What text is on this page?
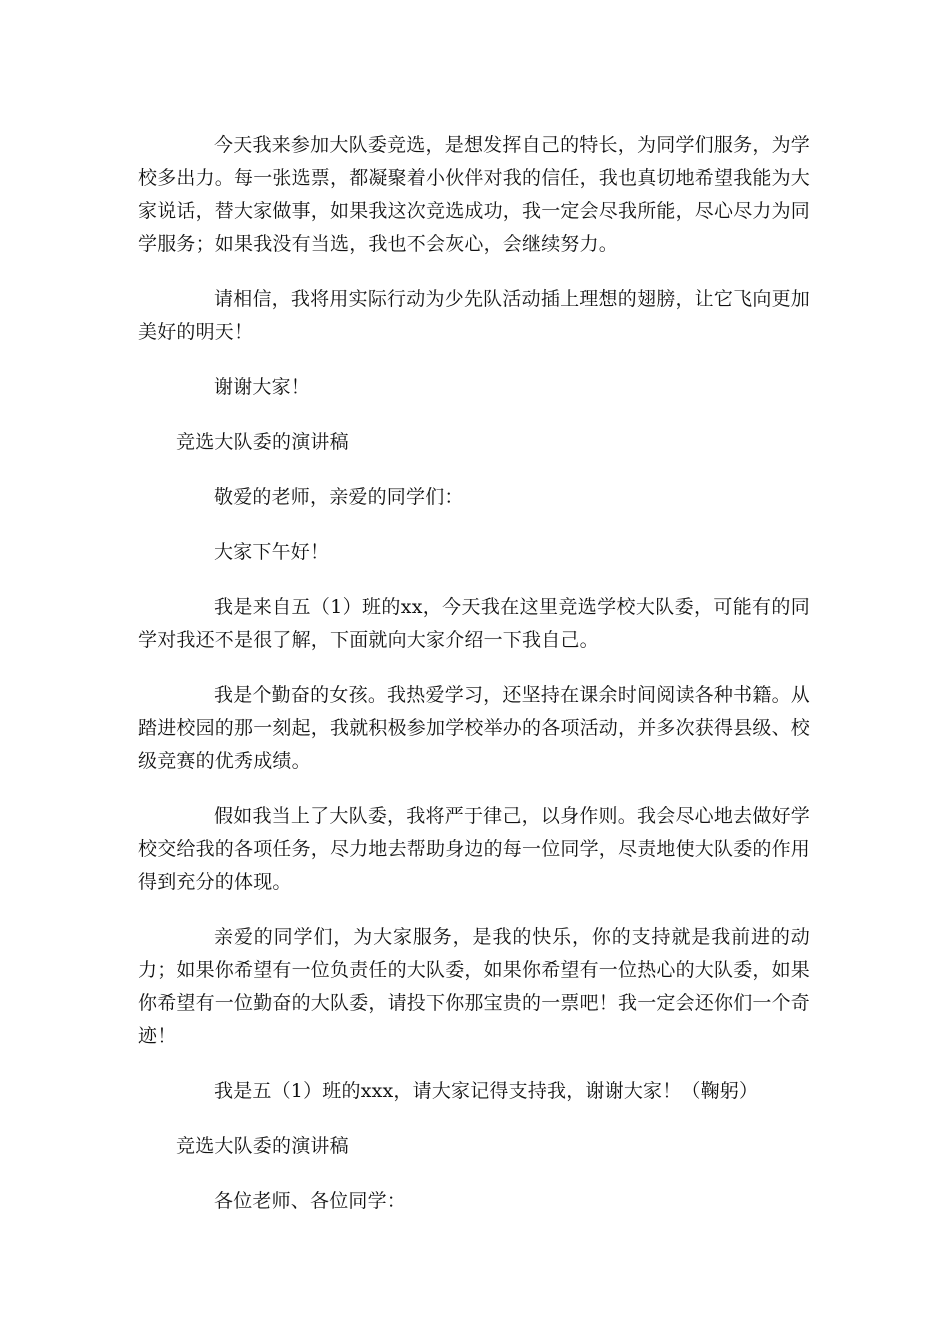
今天我来参加大队委竞选，是想发挥自己的特长，为同学们服务，为学校多出力。每一张选票，都凝聚着小伙伴对我的信任，我也真切地希望我能为大家说话，替大家做事，如果我这次竞选成功，我一定会尽我所能，尽心尽力为同学服务；如果我没有当选，我也不会灰心，会继续努力。

请相信，我将用实际行动为少先队活动插上理想的翅膀，让它飞向更加美好的明天！

谢谢大家！

竞选大队委的演讲稿

敬爱的老师，亲爱的同学们：

大家下午好！

我是来自五（1）班的xx，今天我在这里竞选学校大队委，可能有的同学对我还不是很了解，下面就向大家介绍一下我自己。

我是个勤奋的女孩。我热爱学习，还坚持在课余时间阅读各种书籍。从踏进校园的那一刻起，我就积极参加学校举办的各项活动，并多次获得县级、校级竞赛的优秀成绩。

假如我当上了大队委，我将严于律己，以身作则。我会尽心地去做好学校交给我的各项任务，尽力地去帮助身边的每一位同学，尽责地使大队委的作用得到充分的体现。

亲爱的同学们，为大家服务，是我的快乐，你的支持就是我前进的动力；如果你希望有一位负责任的大队委，如果你希望有一位热心的大队委，如果你希望有一位勤奋的大队委，请投下你那宝贵的一票吧！我一定会还你们一个奇迹！

我是五（1）班的xxx，请大家记得支持我，谢谢大家！（鞠躬）

竞选大队委的演讲稿

各位老师、各位同学：
